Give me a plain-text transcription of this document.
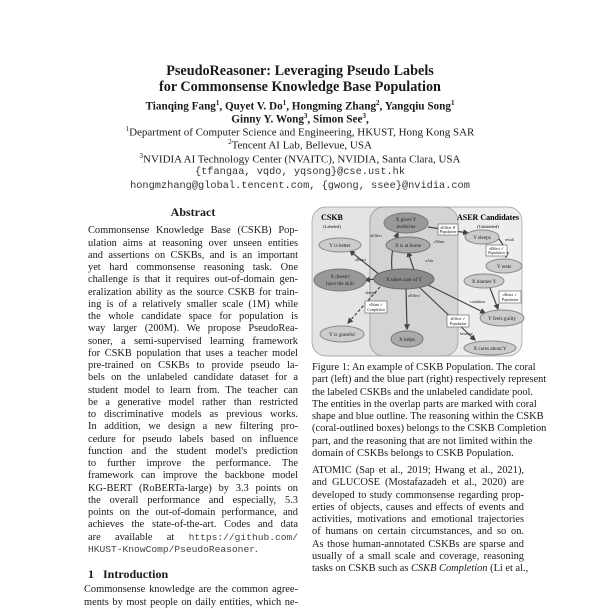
PseudoReasoner: Leveraging Pseudo Labels
for Commonsense Knowledge Base Population
Tianqing Fang$^1$, Quyet V. Do$^1$, Hongming Zhang$^2$, Yangqiu Song$^1$
Ginny Y. Wong$^3$, Simon See$^3$,
$^1$Department of Computer Science and Engineering, HKUST, Hong Kong SAR
$^2$Tencent AI Lab, Bellevue, USA
$^3$NVIDIA AI Technology Center (NVAITC), NVIDIA, Santa Clara, USA
{tfangaa, vqdo, yqsong}@cse.ust.hk
hongmzhang@global.tencent.com, {gwong, ssee}@nvidia.com
Abstract
Commonsense Knowledge Base (CSKB) Pop-
ulation aims at reasoning over unseen entities
and assertions on CSKBs, and is an important
yet hard commonsense reasoning task. One
challenge is that it requires out-of-domain gen-
eralization ability as the source CSKB for train-
ing is of a relatively smaller scale (1M) while
the whole candidate space for population is
way larger (200M). We propose PseudoRea-
soner, a semi-supervised learning framework
for CSKB population that uses a teacher model
pre-trained on CSKBs to provide pseudo la-
bels on the unlabeled candidate dataset for a
student model to learn from. The teacher can
be a generative model rather than restricted
to discriminative models as previous works.
In addition, we design a new filtering pro-
cedure for pseudo labels based on influence
function and the student model's prediction
to further improve the performance. The
framework can improve the backbone model
KG-BERT (RoBERTa-large) by 3.3 points on
the overall performance and especially, 5.3
points on the out-of-domain performance, and
achieves the state-of-the-art. Codes and data
are available at https://github.com/
HKUST-KnowComp/PseudoReasoner.
1 Introduction
Commonsense knowledge are the common agree-
ments by most people on daily entities, which ne-
CSKB
(Labeled)
ASER Candidates
(Unlabeled)
X gives Y
medicine
X is at home
Y is better
X doesn't
have the skill
X takes care of Y
Y is grateful
X helps
Y sleeps
Y rests
X blames Y
Y feels guilty
X cares about Y
xEffect
xAttr
oReact
xIntent
oEffect
oWant
condition
because
result
xEffect ✗
Population
oEffect ✓
Population
xWant ✓
Completion
xEffect ✓
Population
oReact ✓
Population
Figure 1: An example of CSKB Population. The coral
part (left) and the blue part (right) respectively represent
the labeled CSKBs and the unlabeled candidate pool.
The entities in the overlap parts are marked with coral
shape and blue outline. The reasoning within the CSKB
(coral-outlined boxes) belongs to the CSKB Completion
part, and the reasoning that are not limited within the
domain of CSKBs belongs to CSKB Population.
ATOMIC (Sap et al., 2019; Hwang et al., 2021),
and GLUCOSE (Mostafazadeh et al., 2020) are
developed to study commonsense regarding prop-
erties of objects, causes and effects of events and
activities, motivations and emotional trajectories
of humans on certain circumstances, and so on.
As those human-annotated CSKBs are sparse and
usually of a small scale and coverage, reasoning
tasks on CSKB such as CSKB Completion (Li et al.,
